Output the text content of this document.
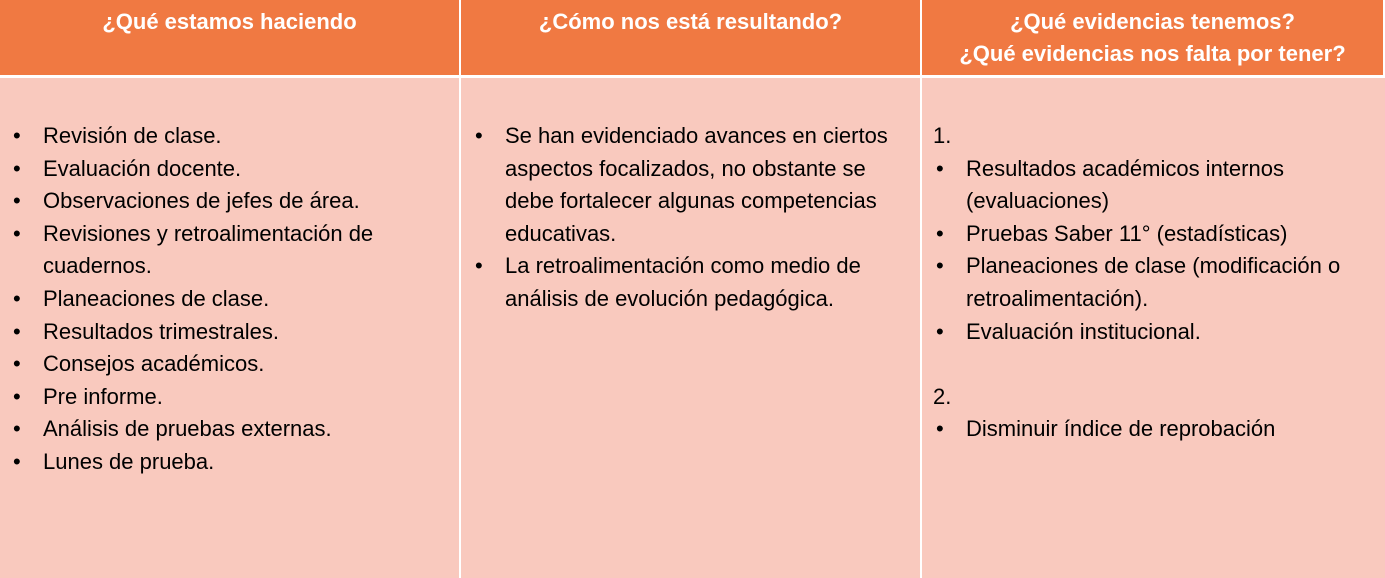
¿Qué estamos haciendo	¿Cómo nos está resultando?	¿Qué evidencias tenemos?
¿Qué evidencias nos falta por tener?
• Revisión de clase.
• Evaluación docente.
• Observaciones de jefes de área.
• Revisiones y retroalimentación de cuadernos.
• Planeaciones de clase.
• Resultados trimestrales.
• Consejos académicos.
• Pre informe.
• Análisis de pruebas externas.
• Lunes de prueba.
• Se han evidenciado avances en ciertos aspectos focalizados, no obstante se debe fortalecer algunas competencias educativas.
• La retroalimentación como medio de análisis de evolución pedagógica.
1.
• Resultados académicos internos (evaluaciones)
• Pruebas Saber 11° (estadísticas)
• Planeaciones de clase (modificación o retroalimentación).
• Evaluación institucional.
2.
• Disminuir índice de reprobación
